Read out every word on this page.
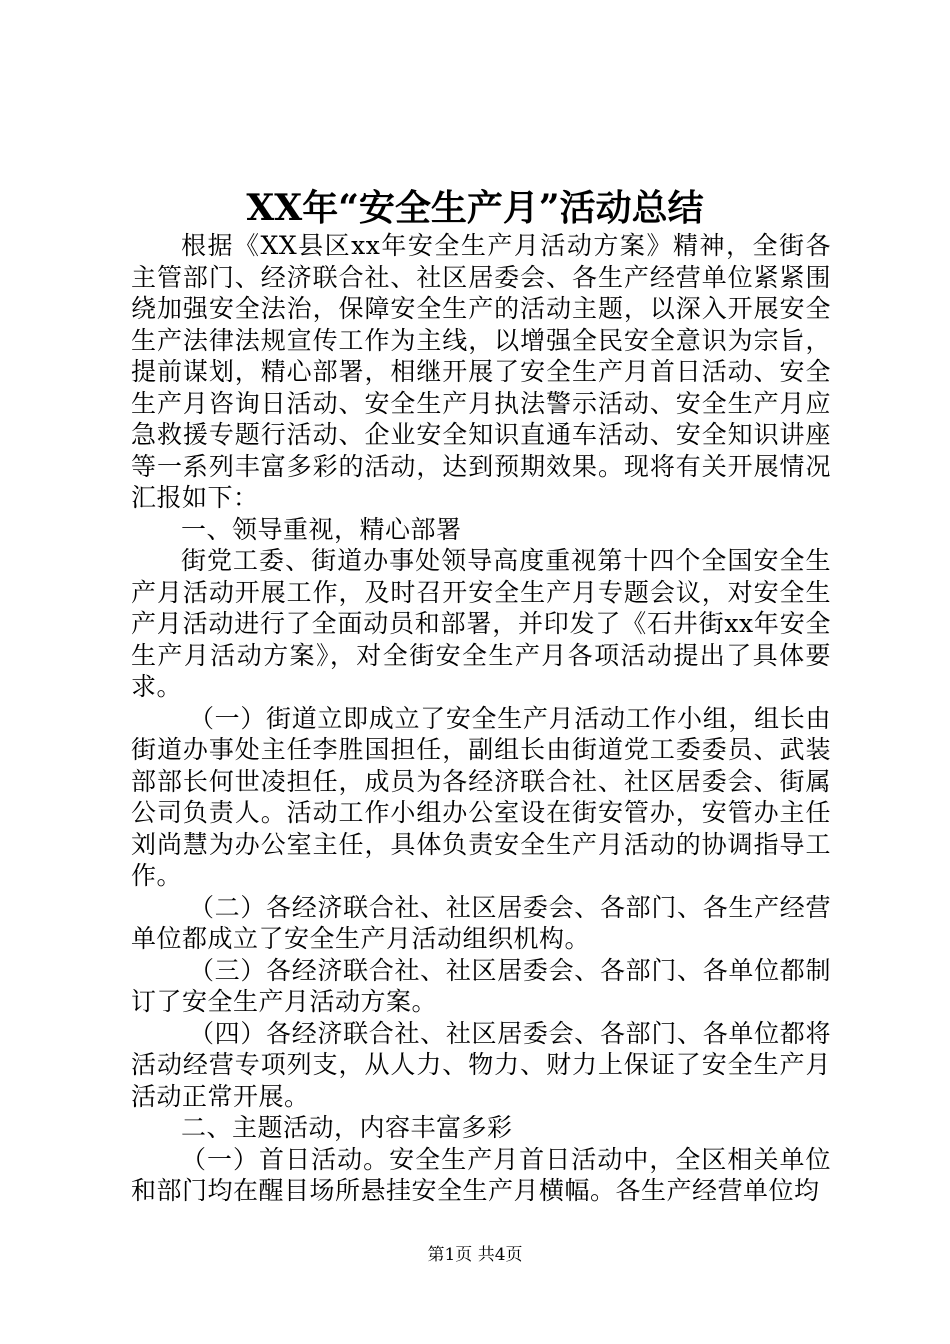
XX年“安全生产月”活动总结

根据《XX县区xx年安全生产月活动方案》精神，全街各主管部门、经济联合社、社区居委会、各生产经营单位紧紧围绕加强安全法治，保障安全生产的活动主题，以深入开展安全生产法律法规宣传工作为主线，以增强全民安全意识为宗旨，提前谋划，精心部署，相继开展了安全生产月首日活动、安全生产月咨询日活动、安全生产月执法警示活动、安全生产月应急救援专题行活动、企业安全知识直通车活动、安全知识讲座等一系列丰富多彩的活动，达到预期效果。现将有关开展情况汇报如下：

一、领导重视，精心部署

街党工委、街道办事处领导高度重视第十四个全国安全生产月活动开展工作，及时召开安全生产月专题会议，对安全生产月活动进行了全面动员和部署，并印发了《石井街xx年安全生产月活动方案》，对全街安全生产月各项活动提出了具体要求。

（一）街道立即成立了安全生产月活动工作小组，组长由街道办事处主任李胜国担任，副组长由街道党工委委员、武装部部长何世凌担任，成员为各经济联合社、社区居委会、街属公司负责人。活动工作小组办公室设在街安管办，安管办主任刘尚慧为办公室主任，具体负责安全生产月活动的协调指导工作。

（二）各经济联合社、社区居委会、各部门、各生产经营单位都成立了安全生产月活动组织机构。

（三）各经济联合社、社区居委会、各部门、各单位都制订了安全生产月活动方案。

（四）各经济联合社、社区居委会、各部门、各单位都将活动经营专项列支，从人力、物力、财力上保证了安全生产月活动正常开展。

二、主题活动，内容丰富多彩

（一）首日活动。安全生产月首日活动中，全区相关单位和部门均在醒目场所悬挂安全生产月横幅。各生产经营单位均

第1页 共4页
